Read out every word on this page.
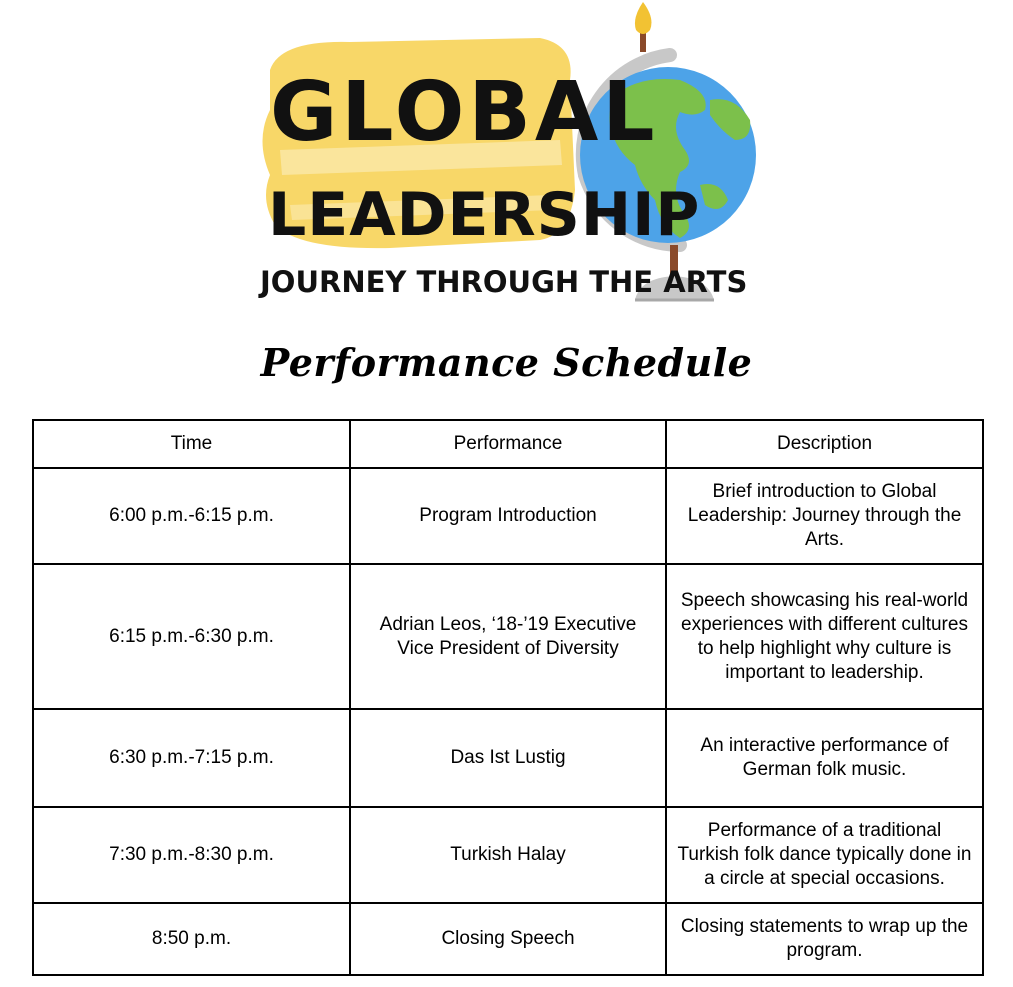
GLOBAL
LEADERSHIP
JOURNEY THROUGH THE ARTS
Performance Schedule
Time	Performance	Description
6:00 p.m.-6:15 p.m.	Program Introduction	Brief introduction to Global Leadership: Journey through the Arts.
6:15 p.m.-6:30 p.m.	Adrian Leos, ‘18-’19 Executive Vice President of Diversity	Speech showcasing his real-world experiences with different cultures to help highlight why culture is important to leadership.
6:30 p.m.-7:15 p.m.	Das Ist Lustig	An interactive performance of German folk music.
7:30 p.m.-8:30 p.m.	Turkish Halay	Performance of a traditional Turkish folk dance typically done in a circle at special occasions.
8:50 p.m.	Closing Speech	Closing statements to wrap up the program.
